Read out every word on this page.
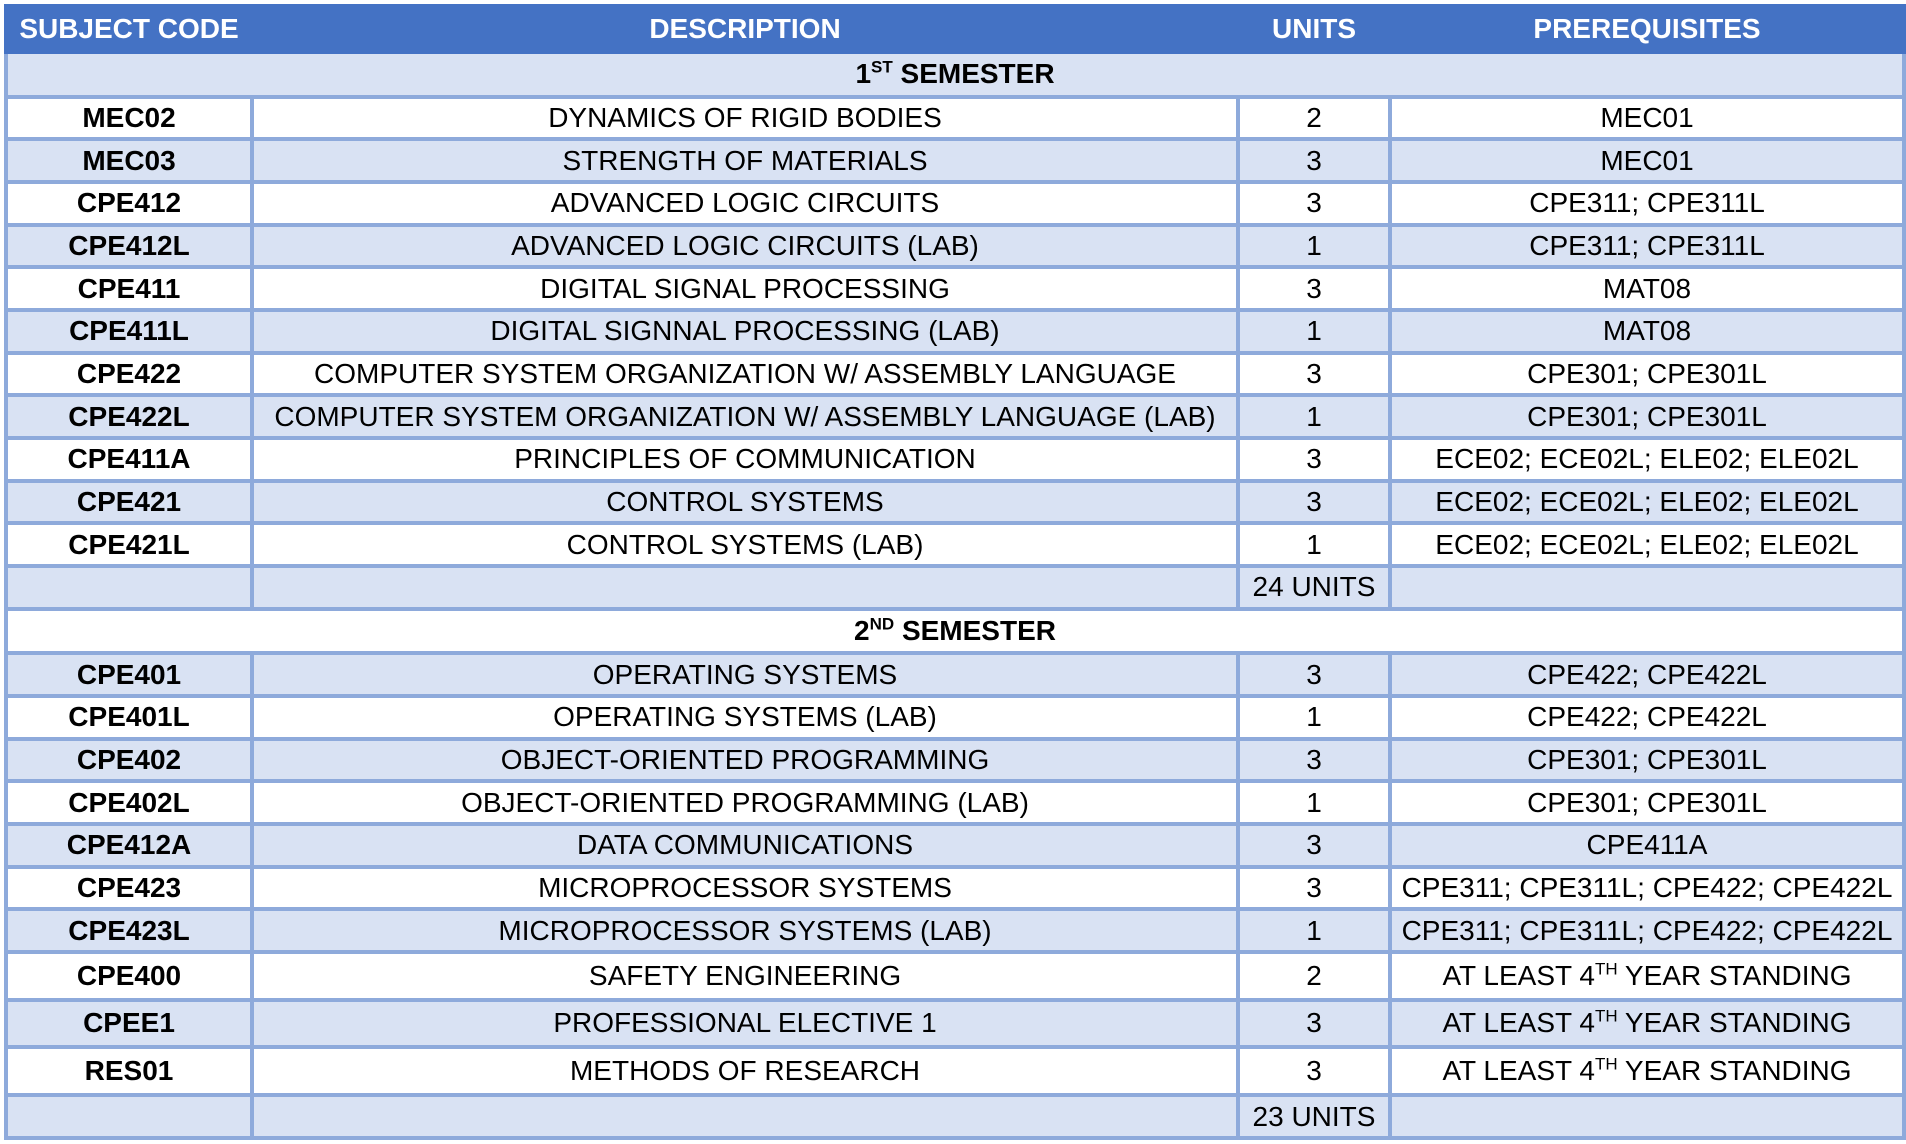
SUBJECT CODE	DESCRIPTION	UNITS	PREREQUISITES
1ST SEMESTER			
MEC02	DYNAMICS OF RIGID BODIES	2	MEC01
MEC03	STRENGTH OF MATERIALS	3	MEC01
CPE412	ADVANCED LOGIC CIRCUITS	3	CPE311; CPE311L
CPE412L	ADVANCED LOGIC CIRCUITS (LAB)	1	CPE311; CPE311L
CPE411	DIGITAL SIGNAL PROCESSING	3	MAT08
CPE411L	DIGITAL SIGNNAL PROCESSING (LAB)	1	MAT08
CPE422	COMPUTER SYSTEM ORGANIZATION W/ ASSEMBLY LANGUAGE	3	CPE301; CPE301L
CPE422L	COMPUTER SYSTEM ORGANIZATION W/ ASSEMBLY LANGUAGE (LAB)	1	CPE301; CPE301L
CPE411A	PRINCIPLES OF COMMUNICATION	3	ECE02; ECE02L; ELE02; ELE02L
CPE421	CONTROL SYSTEMS	3	ECE02; ECE02L; ELE02; ELE02L
CPE421L	CONTROL SYSTEMS (LAB)	1	ECE02; ECE02L; ELE02; ELE02L
		24 UNITS	
2ND SEMESTER			
CPE401	OPERATING SYSTEMS	3	CPE422; CPE422L
CPE401L	OPERATING SYSTEMS (LAB)	1	CPE422; CPE422L
CPE402	OBJECT-ORIENTED PROGRAMMING	3	CPE301; CPE301L
CPE402L	OBJECT-ORIENTED PROGRAMMING (LAB)	1	CPE301; CPE301L
CPE412A	DATA COMMUNICATIONS	3	CPE411A
CPE423	MICROPROCESSOR SYSTEMS	3	CPE311; CPE311L; CPE422; CPE422L
CPE423L	MICROPROCESSOR SYSTEMS (LAB)	1	CPE311; CPE311L; CPE422; CPE422L
CPE400	SAFETY ENGINEERING	2	AT LEAST 4TH YEAR STANDING
CPEE1	PROFESSIONAL ELECTIVE 1	3	AT LEAST 4TH YEAR STANDING
RES01	METHODS OF RESEARCH	3	AT LEAST 4TH YEAR STANDING
		23 UNITS	
